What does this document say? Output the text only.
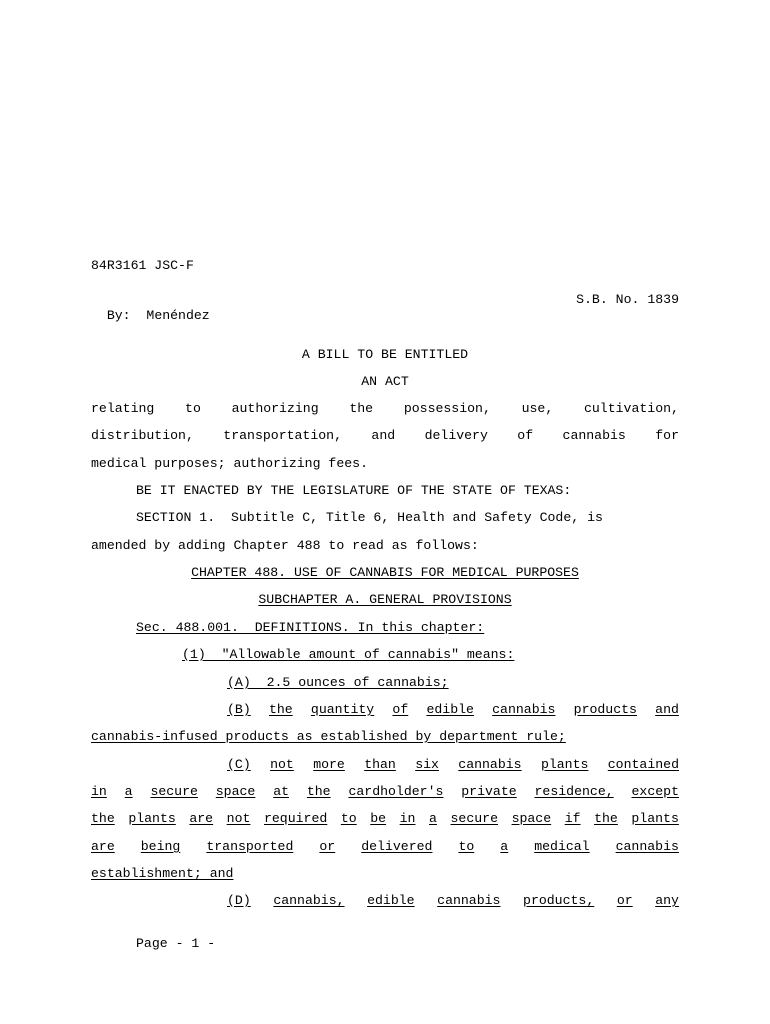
84R3161 JSC-F

By: Menéndez

S.B. No. 1839

A BILL TO BE ENTITLED
AN ACT
relating to authorizing the possession, use, cultivation,
distribution, transportation, and delivery of cannabis for
medical purposes; authorizing fees.
BE IT ENACTED BY THE LEGISLATURE OF THE STATE OF TEXAS:
SECTION 1.  Subtitle C, Title 6, Health and Safety Code, is
amended by adding Chapter 488 to read as follows:
CHAPTER 488. USE OF CANNABIS FOR MEDICAL PURPOSES
SUBCHAPTER A. GENERAL PROVISIONS
Sec. 488.001.  DEFINITIONS. In this chapter:
(1)  "Allowable amount of cannabis" means:
(A)  2.5 ounces of cannabis;
(B) the quantity of edible cannabis products and
cannabis-infused products as established by department rule;
(C) not more than six cannabis plants contained
in a secure space at the cardholder's private residence, except
the plants are not required to be in a secure space if the plants
are being transported or delivered to a medical cannabis
establishment; and
(D) cannabis, edible cannabis products, or any
Page - 1 -
